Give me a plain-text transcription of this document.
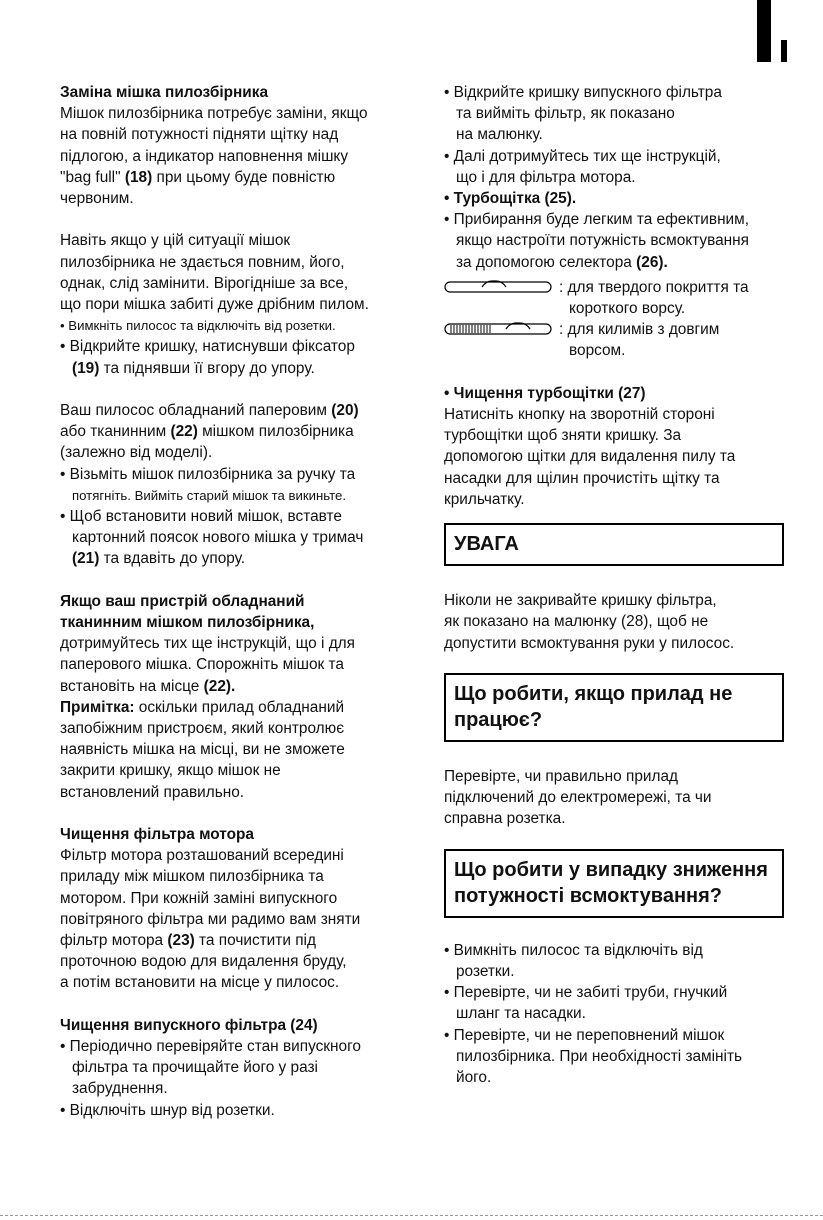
Заміна мішка пилозбірника
Мішок пилозбірника потребує заміни, якщо
на повній потужності підняти щітку над
підлогою, а індикатор наповнення мішку
"bag full" (18) при цьому буде повністю
червоним.
Навіть якщо у цій ситуації мішок
пилозбірника не здається повним, його,
однак, слід замінити. Вірогідніше за все,
що пори мішка забиті дуже дрібним пилом.
• Вимкніть пилосос та відключіть від розетки.
• Відкрийте кришку, натиснувши фіксатор
(19) та піднявши її вгору до упору.
Ваш пилосос обладнаний паперовим (20)
або тканинним (22) мішком пилозбірника
(залежно від моделі).
• Візьміть мішок пилозбірника за ручку та
потягніть. Вийміть старий мішок та викиньте.
• Щоб встановити новий мішок, вставте
картонний поясок нового мішка у тримач
(21) та вдавіть до упору.
Якщо ваш пристрій обладнаний
тканинним мішком пилозбірника,
дотримуйтесь тих ще інструкцій, що і для
паперового мішка. Спорожніть мішок та
встановіть на місце (22).
Примітка: оскільки прилад обладнаний
запобіжним пристроєм, який контролює
наявність мішка на місці, ви не зможете
закрити кришку, якщо мішок не
встановлений правильно.
Чищення фільтра мотора
Фільтр мотора розташований всередині
приладу між мішком пилозбірника та
мотором. При кожній заміні випускного
повітряного фільтра ми радимо вам зняти
фільтр мотора (23) та почистити під
проточною водою для видалення бруду,
а потім встановити на місце у пилосос.
Чищення випускного фільтра (24)
• Періодично перевіряйте стан випускного
фільтра та прочищайте його у разі
забруднення.
• Відключіть шнур від розетки.
• Відкрийте кришку випускного фільтра
та вийміть фільтр, як показано
на малюнку.
• Далі дотримуйтесь тих ще інструкцій,
що і для фільтра мотора.
• Турбощітка (25).
• Прибирання буде легким та ефективним,
якщо настроїти потужність всмоктування
за допомогою селектора (26).
: для твердого покриття та
короткого ворсу.
: для килимів з довгим
ворсом.
• Чищення турбощітки (27)
Натисніть кнопку на зворотній стороні
турбощітки щоб зняти кришку. За
допомогою щітки для видалення пилу та
насадки для щілин прочистіть щітку та
крильчатку.
УВАГА
Ніколи не закривайте кришку фільтра,
як показано на малюнку (28), щоб не
допустити всмоктування руки у пилосос.
Що робити, якщо прилад не
працює?
Перевірте, чи правильно прилад
підключений до електромережі, та чи
справна розетка.
Що робити у випадку зниження
потужності всмоктування?
• Вимкніть пилосос та відключіть від
розетки.
• Перевірте, чи не забиті труби, гнучкий
шланг та насадки.
• Перевірте, чи не переповнений мішок
пилозбірника. При необхідності замініть
його.
